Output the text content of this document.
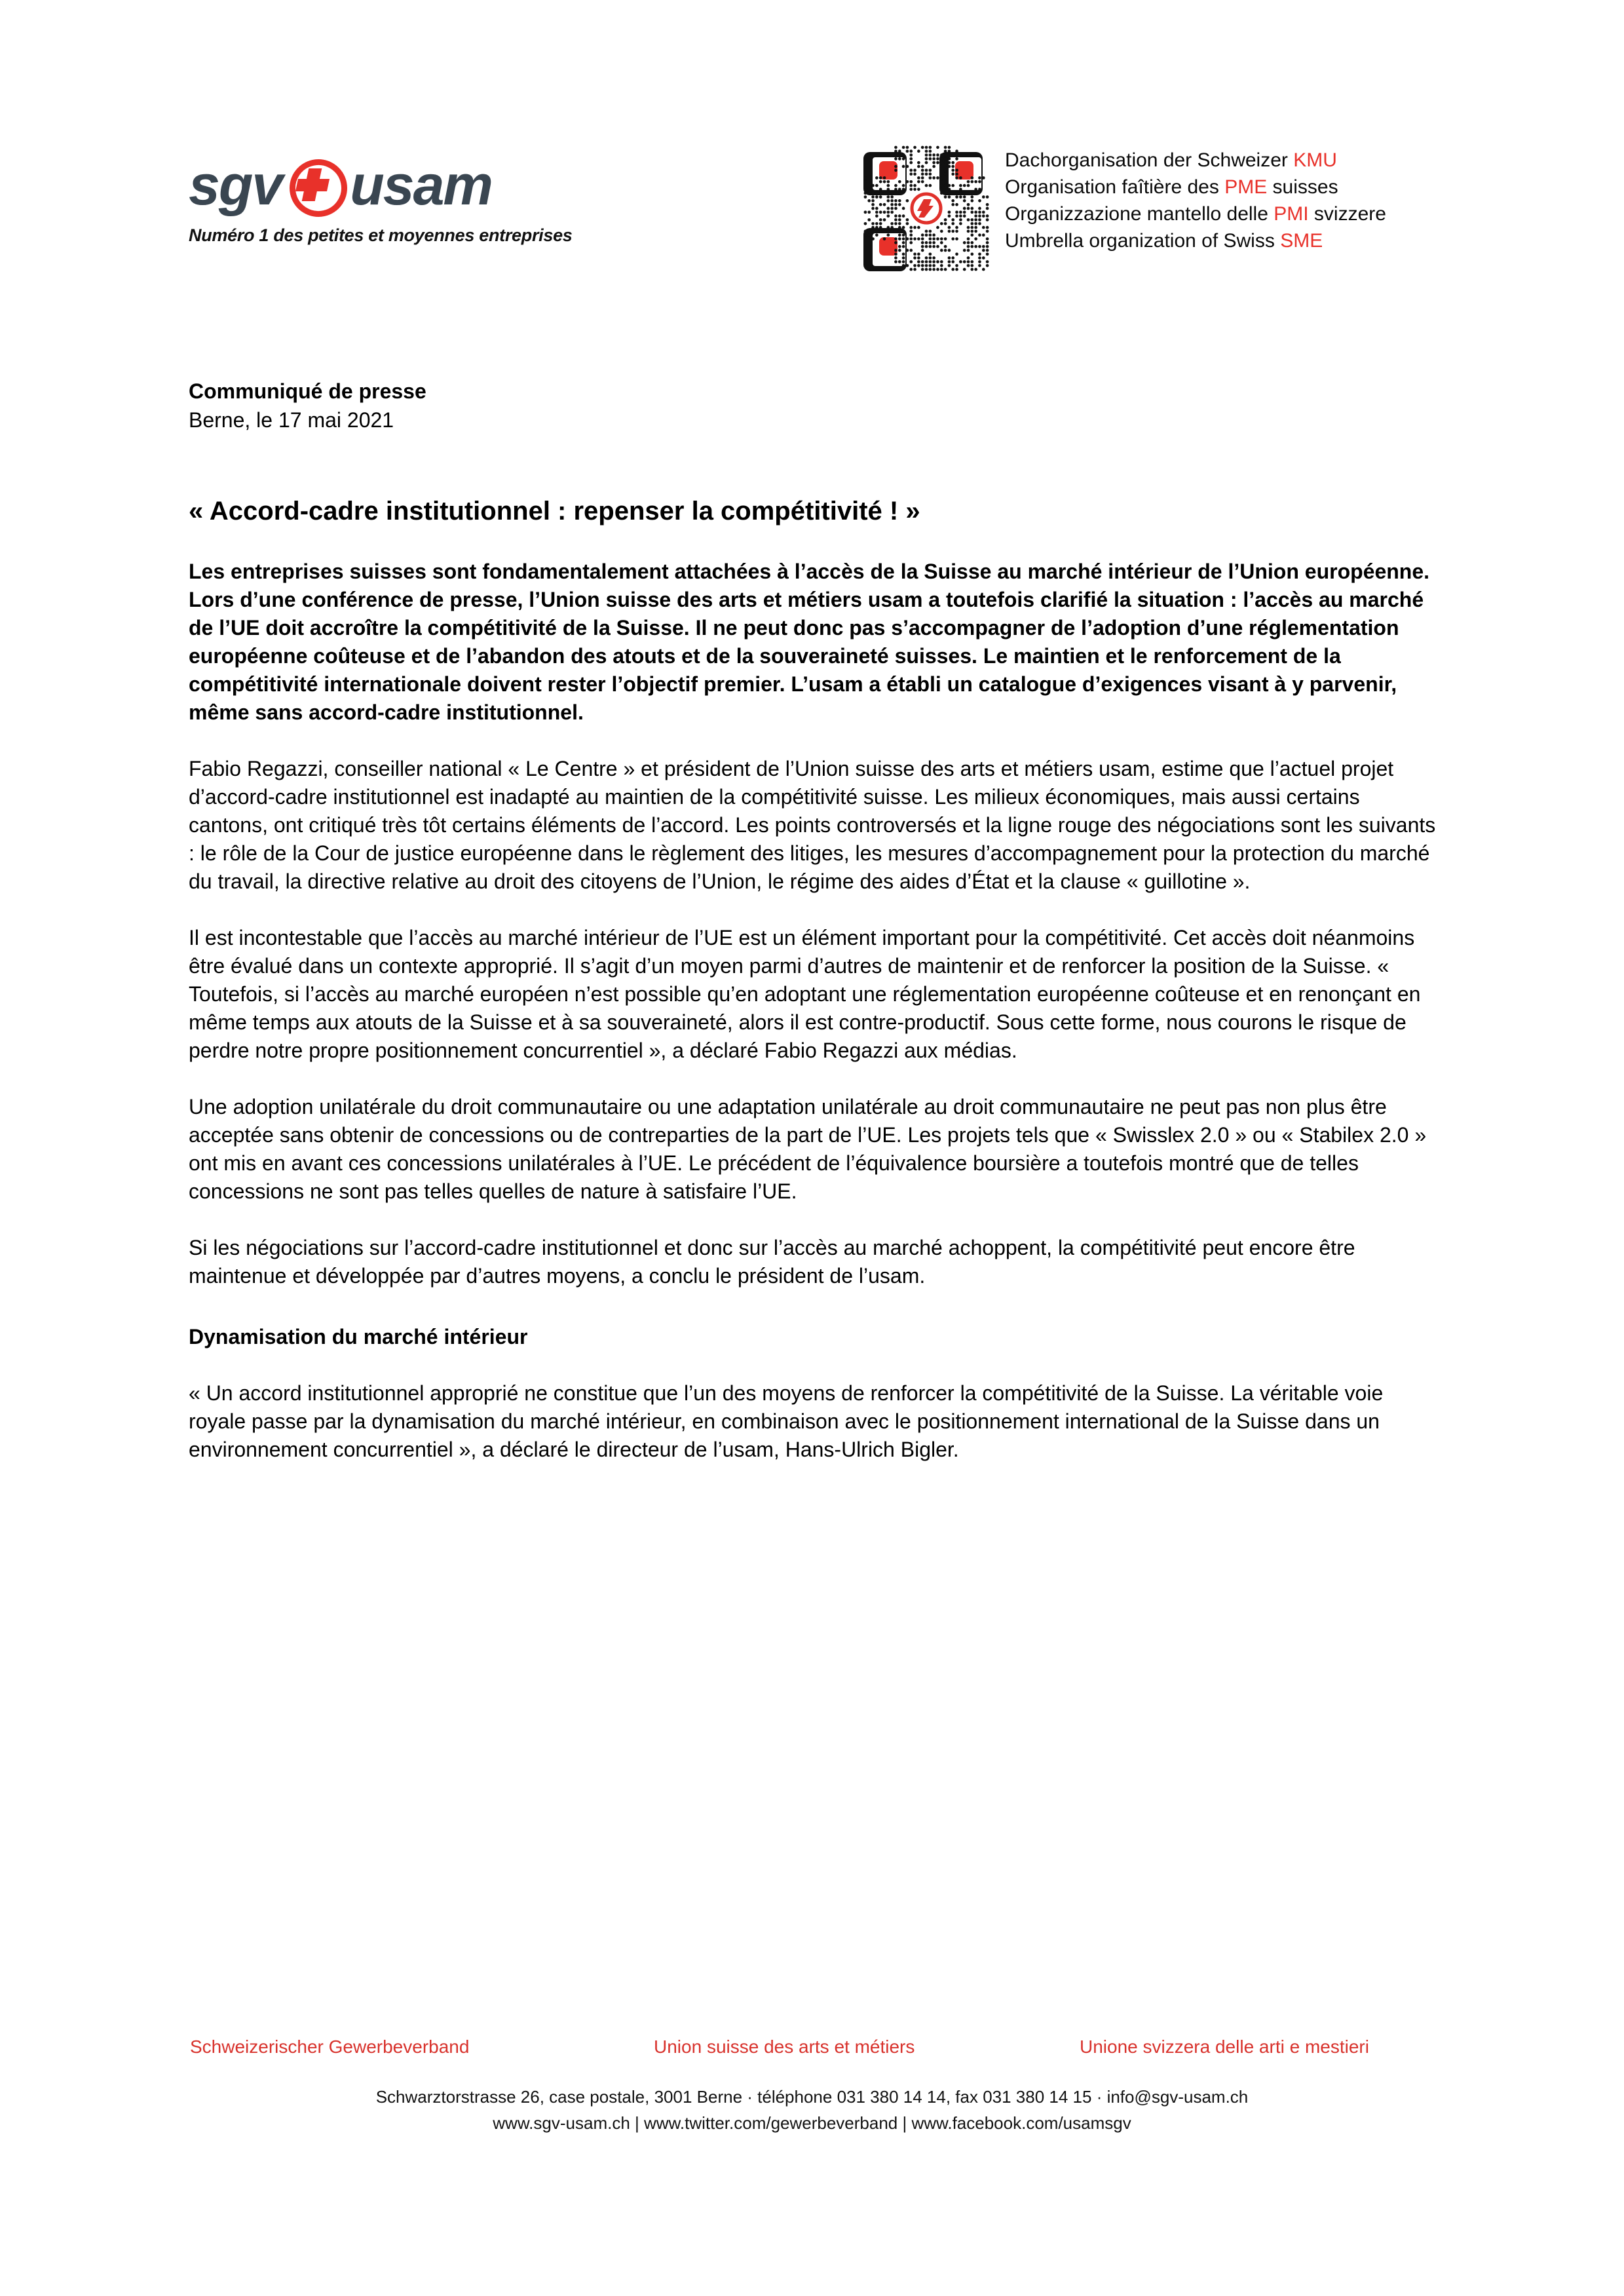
sgv usam
Numéro 1 des petites et moyennes entreprises
Dachorganisation der Schweizer KMU
Organisation faîtière des PME suisses
Organizzazione mantello delle PMI svizzere
Umbrella organization of Swiss SME
Communiqué de presse
Berne, le 17 mai 2021
« Accord-cadre institutionnel : repenser la compétitivité ! »
Les entreprises suisses sont fondamentalement attachées à l’accès de la Suisse au marché intérieur de l’Union européenne. Lors d’une conférence de presse, l’Union suisse des arts et métiers usam a toutefois clarifié la situation : l’accès au marché de l’UE doit accroître la compétitivité de la Suisse. Il ne peut donc pas s’accompagner de l’adoption d’une réglementation européenne coûteuse et de l’abandon des atouts et de la souveraineté suisses. Le maintien et le renforcement de la compétitivité internationale doivent rester l’objectif premier. L’usam a établi un catalogue d’exigences visant à y parvenir, même sans accord-cadre institutionnel.

Fabio Regazzi, conseiller national « Le Centre » et président de l’Union suisse des arts et métiers usam, estime que l’actuel projet d’accord-cadre institutionnel est inadapté au maintien de la compétitivité suisse. Les milieux économiques, mais aussi certains cantons, ont critiqué très tôt certains éléments de l’accord. Les points controversés et la ligne rouge des négociations sont les suivants : le rôle de la Cour de justice européenne dans le règlement des litiges, les mesures d’accompagnement pour la protection du marché du travail, la directive relative au droit des citoyens de l’Union, le régime des aides d’État et la clause « guillotine ».

Il est incontestable que l’accès au marché intérieur de l’UE est un élément important pour la compétitivité. Cet accès doit néanmoins être évalué dans un contexte approprié. Il s’agit d’un moyen parmi d’autres de maintenir et de renforcer la position de la Suisse. « Toutefois, si l’accès au marché européen n’est possible qu’en adoptant une réglementation européenne coûteuse et en renonçant en même temps aux atouts de la Suisse et à sa souveraineté, alors il est contre-productif. Sous cette forme, nous courons le risque de perdre notre propre positionnement concurrentiel », a déclaré Fabio Regazzi aux médias.

Une adoption unilatérale du droit communautaire ou une adaptation unilatérale au droit communautaire ne peut pas non plus être acceptée sans obtenir de concessions ou de contreparties de la part de l’UE. Les projets tels que « Swisslex 2.0 » ou « Stabilex 2.0 » ont mis en avant ces concessions unilatérales à l’UE. Le précédent de l’équivalence boursière a toutefois montré que de telles concessions ne sont pas telles quelles de nature à satisfaire l’UE.

Si les négociations sur l’accord-cadre institutionnel et donc sur l’accès au marché achoppent, la compétitivité peut encore être maintenue et développée par d’autres moyens, a conclu le président de l’usam.

Dynamisation du marché intérieur

« Un accord institutionnel approprié ne constitue que l’un des moyens de renforcer la compétitivité de la Suisse. La véritable voie royale passe par la dynamisation du marché intérieur, en combinaison avec le positionnement international de la Suisse dans un environnement concurrentiel », a déclaré le directeur de l’usam, Hans-Ulrich Bigler.

Schweizerischer Gewerbeverband	Union suisse des arts et métiers	Unione svizzera delle arti e mestieri
Schwarztorstrasse 26, case postale, 3001 Berne · téléphone 031 380 14 14, fax 031 380 14 15 · info@sgv-usam.ch
www.sgv-usam.ch | www.twitter.com/gewerbeverband | www.facebook.com/usamsgv
